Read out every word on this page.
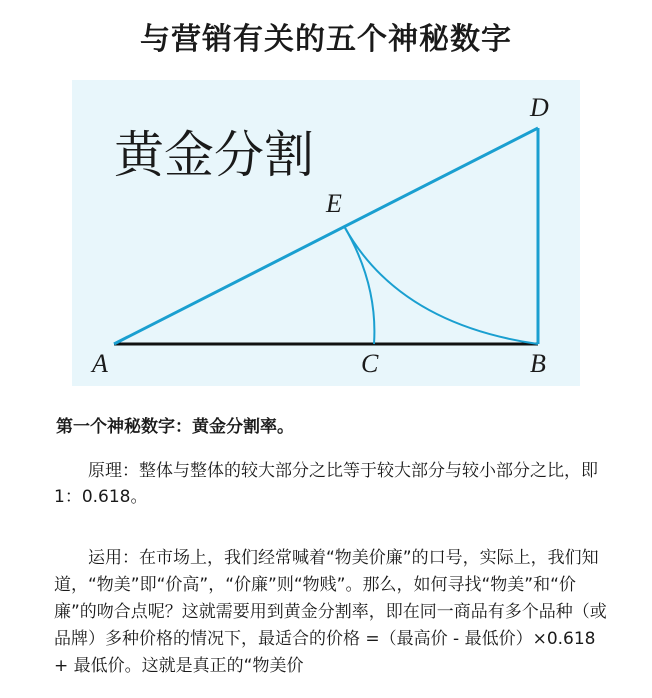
与营销有关的五个神秘数字
黄金分割
A	C	B
D
E
第一个神秘数字：黄金分割率。

原理：整体与整体的较大部分之比等于较大部分与较小部分之比，即1：0.618。

运用：在市场上，我们经常喊着“物美价廉”的口号，实际上，我们知道，“物美”即“价高”，“价廉”则“物贱”。那么，如何寻找“物美”和“价廉”的吻合点呢？这就需要用到黄金分割率，即在同一商品有多个品种（或品牌）多种价格的情况下，最适合的价格 =（最高价 - 最低价）×0.618 + 最低价。这就是真正的“物美价
